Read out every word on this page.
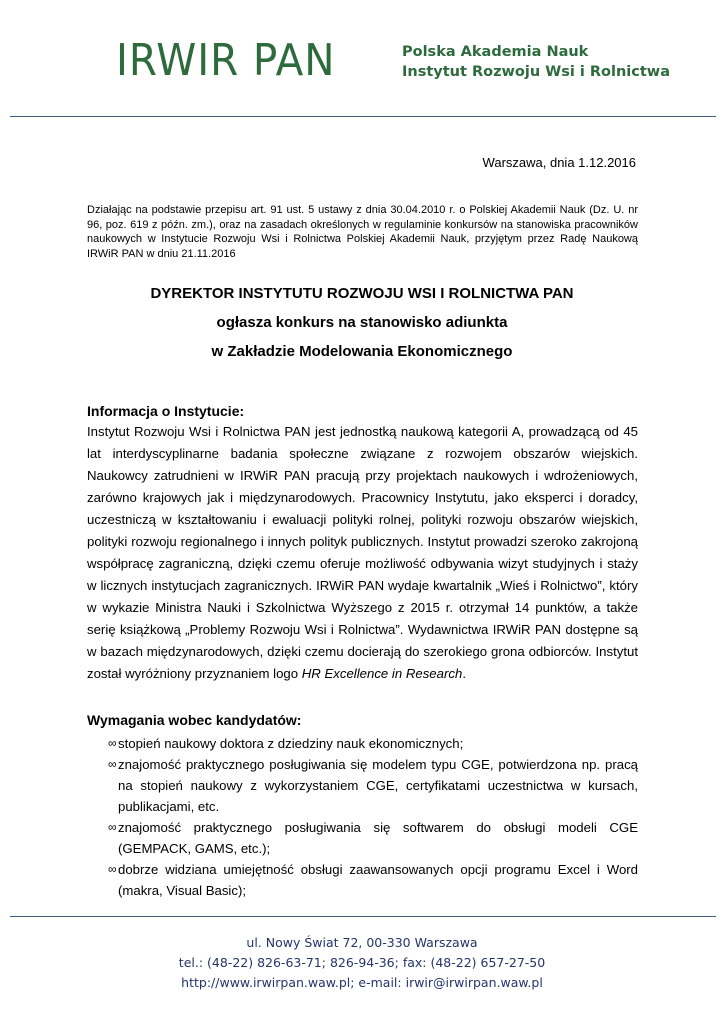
IRWIR PAN	Polska Akademia Nauk
Instytut Rozwoju Wsi i Rolnictwa
Warszawa, dnia 1.12.2016
Działając na podstawie przepisu art. 91 ust. 5 ustawy z dnia 30.04.2010 r. o Polskiej Akademii Nauk (Dz. U. nr 96, poz. 619 z późn. zm.), oraz na zasadach określonych w regulaminie konkursów na stanowiska pracowników naukowych w Instytucie Rozwoju Wsi i Rolnictwa Polskiej Akademii Nauk, przyjętym przez Radę Naukową IRWiR PAN w dniu 21.11.2016
DYREKTOR INSTYTUTU ROZWOJU WSI I ROLNICTWA PAN
ogłasza konkurs na stanowisko adiunkta
w Zakładzie Modelowania Ekonomicznego
Informacja o Instytucie:
Instytut Rozwoju Wsi i Rolnictwa PAN jest jednostką naukową kategorii A, prowadzącą od 45 lat interdyscyplinarne badania społeczne związane z rozwojem obszarów wiejskich. Naukowcy zatrudnieni w IRWiR PAN pracują przy projektach naukowych i wdrożeniowych, zarówno krajowych jak i międzynarodowych. Pracownicy Instytutu, jako eksperci i doradcy, uczestniczą w kształtowaniu i ewaluacji polityki rolnej, polityki rozwoju obszarów wiejskich, polityki rozwoju regionalnego i innych polityk publicznych. Instytut prowadzi szeroko zakrojoną współpracę zagraniczną, dzięki czemu oferuje możliwość odbywania wizyt studyjnych i staży w licznych instytucjach zagranicznych. IRWiR PAN wydaje kwartalnik „Wieś i Rolnictwo”, który w wykazie Ministra Nauki i Szkolnictwa Wyższego z 2015 r. otrzymał 14 punktów, a także serię książkową „Problemy Rozwoju Wsi i Rolnictwa”. Wydawnictwa IRWiR PAN dostępne są w bazach międzynarodowych, dzięki czemu docierają do szerokiego grona odbiorców. Instytut został wyróżniony przyznaniem logo HR Excellence in Research.
Wymagania wobec kandydatów:
∞ stopień naukowy doktora z dziedziny nauk ekonomicznych;
∞ znajomość praktycznego posługiwania się modelem typu CGE, potwierdzona np. pracą na stopień naukowy z wykorzystaniem CGE, certyfikatami uczestnictwa w kursach, publikacjami, etc.
∞ znajomość praktycznego posługiwania się softwarem do obsługi modeli CGE (GEMPACK, GAMS, etc.);
∞ dobrze widziana umiejętność obsługi zaawansowanych opcji programu Excel i Word (makra, Visual Basic);
ul. Nowy Świat 72, 00-330 Warszawa
tel.: (48-22) 826-63-71; 826-94-36; fax: (48-22) 657-27-50
http://www.irwirpan.waw.pl; e-mail: irwir@irwirpan.waw.pl
